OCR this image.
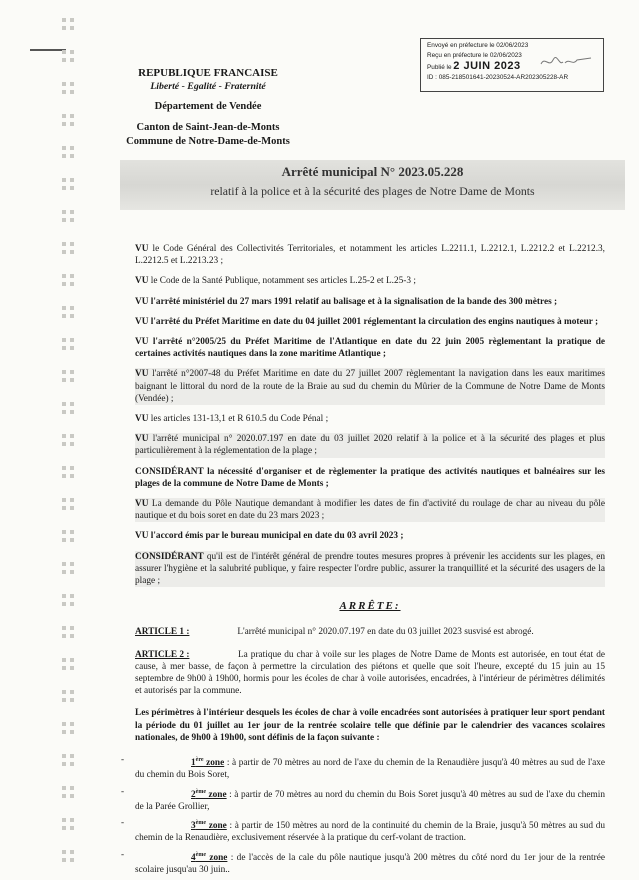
Envoyé en préfecture le 02/06/2023
Reçu en préfecture le 02/06/2023
Publié le 2 JUIN 2023
ID : 085-218501641-20230524-AR202305228-AR
REPUBLIQUE FRANCAISE
Liberté - Egalité - Fraternité
Département de Vendée
Canton de Saint-Jean-de-Monts
Commune de Notre-Dame-de-Monts
Arrêté municipal N° 2023.05.228
relatif à la police et à la sécurité des plages de Notre Dame de Monts

VU le Code Général des Collectivités Territoriales, et notamment les articles L.2211.1, L.2212.1, L.2212.2 et L.2212.3, L.2212.5 et L.2213.23 ;

VU le Code de la Santé Publique, notamment ses articles L.25-2 et L.25-3 ;

VU l'arrêté ministériel du 27 mars 1991 relatif au balisage et à la signalisation de la bande des 300 mètres ;

VU l'arrêté du Préfet Maritime en date du 04 juillet 2001 réglementant la circulation des engins nautiques à moteur ;

VU l'arrêté n°2005/25 du Préfet Maritime de l'Atlantique en date du 22 juin 2005 règlementant la pratique de certaines activités nautiques dans la zone maritime Atlantique ;

VU l'arrêté n°2007-48 du Préfet Maritime en date du 27 juillet 2007 règlementant la navigation dans les eaux maritimes baignant le littoral du nord de la route de la Braie au sud du chemin du Mûrier de la Commune de Notre Dame de Monts (Vendée) ;

VU les articles 131-13,1 et R 610.5 du Code Pénal ;

VU l'arrêté municipal n° 2020.07.197 en date du 03 juillet 2020 relatif à la police et à la sécurité des plages et plus particulièrement à la réglementation de la plage ;

CONSIDÉRANT la nécessité d'organiser et de règlementer la pratique des activités nautiques et balnéaires sur les plages de la commune de Notre Dame de Monts ;

VU La demande du Pôle Nautique demandant à modifier les dates de fin d'activité du roulage de char au niveau du pôle nautique et du bois soret en date du 23 mars 2023 ;

VU l'accord émis par le bureau municipal en date du 03 avril 2023 ;

CONSIDÉRANT qu'il est de l'intérêt général de prendre toutes mesures propres à prévenir les accidents sur les plages, en assurer l'hygiène et la salubrité publique, y faire respecter l'ordre public, assurer la tranquillité et la sécurité des usagers de la plage ;

ARRÊTE:
ARTICLE 1 :	L'arrêté municipal n° 2020.07.197 en date du 03 juillet 2023 susvisé est abrogé.
ARTICLE 2 :	La pratique du char à voile sur les plages de Notre Dame de Monts est autorisée, en tout état de cause, à mer basse, de façon à permettre la circulation des piétons et quelle que soit l'heure, excepté du 15 juin au 15 septembre de 9h00 à 19h00, hormis pour les écoles de char à voile autorisées, encadrées, à l'intérieur de périmètres délimités et autorisés par la commune.
Les périmètres à l'intérieur desquels les écoles de char à voile encadrées sont autorisées à pratiquer leur sport pendant la période du 01 juillet au 1er jour de la rentrée scolaire telle que définie par le calendrier des vacances scolaires nationales, de 9h00 à 19h00, sont définis de la façon suivante :
-	1ère zone : à partir de 70 mètres au nord de l'axe du chemin de la Renaudière jusqu'à 40 mètres au sud de l'axe du chemin du Bois Soret,
-	2ème zone : à partir de 70 mètres au nord du chemin du Bois Soret jusqu'à 40 mètres au sud de l'axe du chemin de la Parée Grollier,
-	3ème zone : à partir de 150 mètres au nord de la continuité du chemin de la Braie, jusqu'à 50 mètres au sud du chemin de la Renaudière, exclusivement réservée à la pratique du cerf-volant de traction.
-	4ème zone : de l'accès de la cale du pôle nautique jusqu'à 200 mètres du côté nord du 1er jour de la rentrée scolaire jusqu'au 30 juin..
